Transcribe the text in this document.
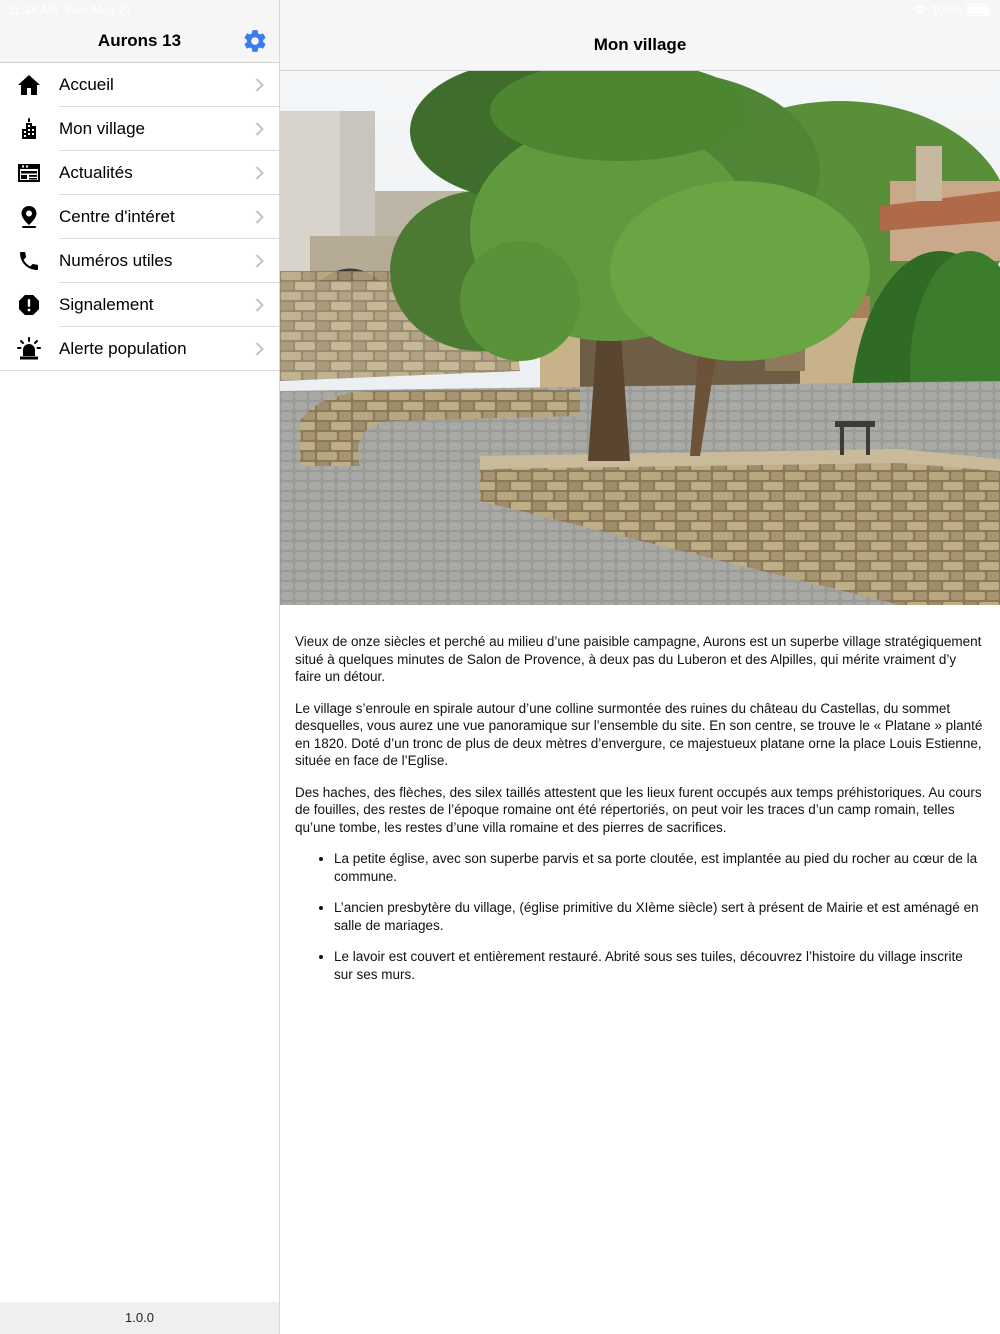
11:34 AM Wed May 27	100%
Aurons 13
Accueil
Mon village
Actualités
Centre d'intéret
Numéros utiles
Signalement
Alerte population
1.0.0
Mon village

Vieux de onze siècles et perché au milieu d’une paisible campagne, Aurons est un superbe village stratégiquement situé à quelques minutes de Salon de Provence, à deux pas du Luberon et des Alpilles, qui mérite vraiment d’y faire un détour.

Le village s’enroule en spirale autour d’une colline surmontée des ruines du château du Castellas, du sommet desquelles, vous aurez une vue panoramique sur l’ensemble du site. En son centre, se trouve le « Platane » planté en 1820. Doté d’un tronc de plus de deux mètres d’envergure, ce majestueux platane orne la place Louis Estienne, située en face de l’Eglise.

Des haches, des flèches, des silex taillés attestent que les lieux furent occupés aux temps préhistoriques. Au cours de fouilles, des restes de l’époque romaine ont été répertoriés, on peut voir les traces d’un camp romain, telles qu’une tombe, les restes d’une villa romaine et des pierres de sacrifices.

• La petite église, avec son superbe parvis et sa porte cloutée, est implantée au pied du rocher au cœur de la commune.
• L’ancien presbytère du village, (église primitive du XIème siècle) sert à présent de Mairie et est aménagé en salle de mariages.
• Le lavoir est couvert et entièrement restauré. Abrité sous ses tuiles, découvrez l’histoire du village inscrite sur ses murs.
